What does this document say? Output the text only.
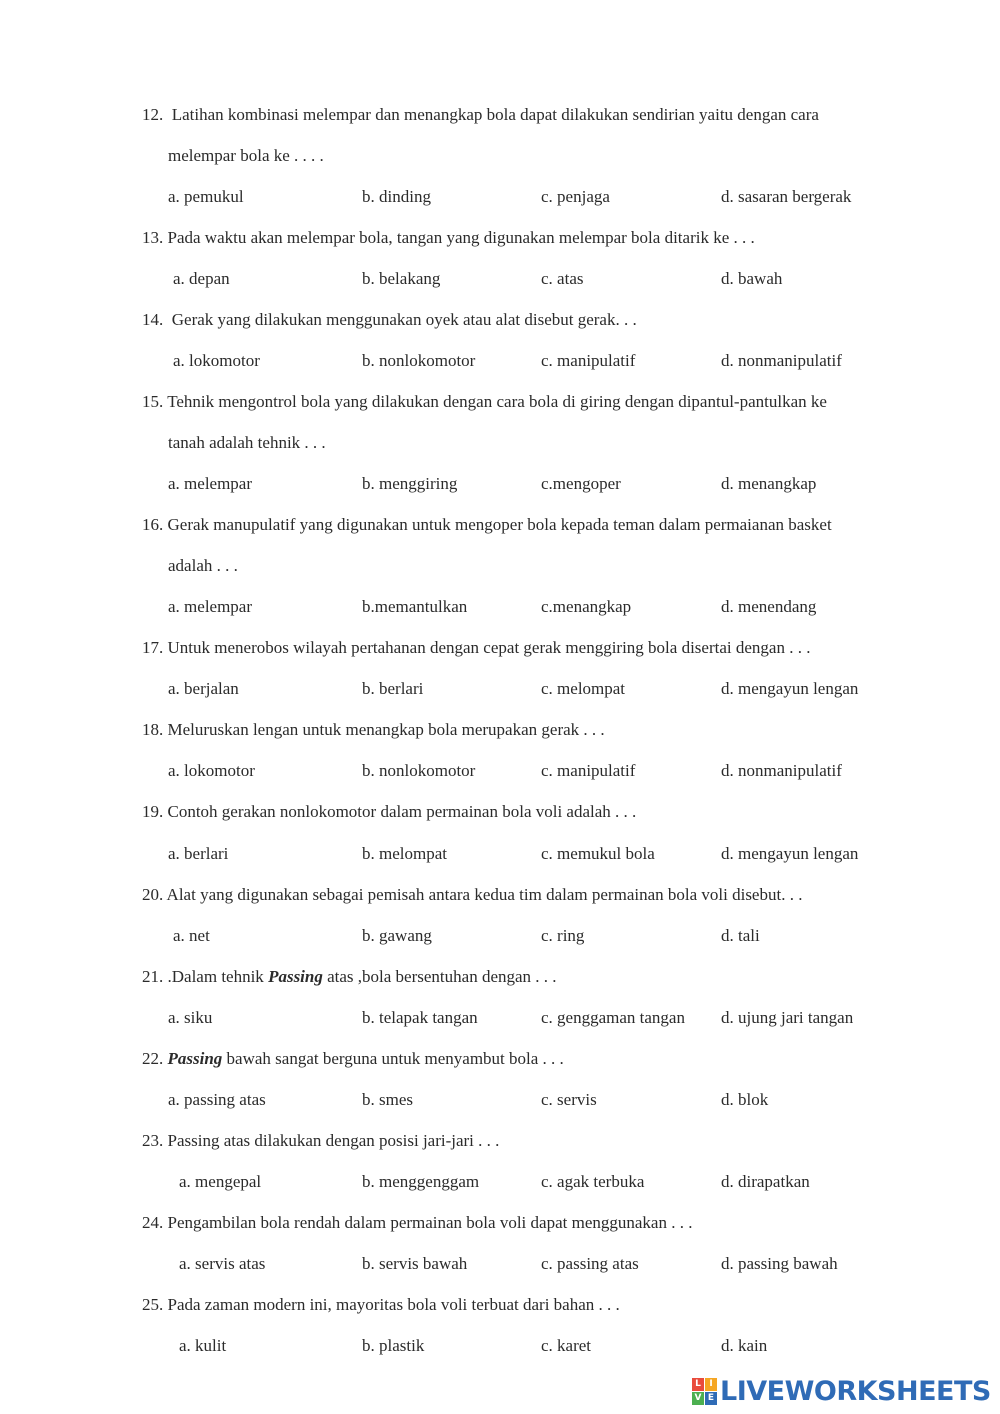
12. Latihan kombinasi melempar dan menangkap bola dapat dilakukan sendirian yaitu dengan cara
melempar bola ke . . . .
a. pemukul	b. dinding	c. penjaga	d. sasaran bergerak
13. Pada waktu akan melempar bola, tangan yang digunakan melempar bola ditarik ke . . .
a. depan	b. belakang	c. atas	d. bawah
14. Gerak yang dilakukan menggunakan oyek atau alat disebut gerak. . .
a. lokomotor	b. nonlokomotor	c. manipulatif	d. nonmanipulatif
15. Tehnik mengontrol bola yang dilakukan dengan cara bola di giring dengan dipantul-pantulkan ke
tanah adalah tehnik . . .
a. melempar	b. menggiring	c.mengoper	d. menangkap
16. Gerak manupulatif yang digunakan untuk mengoper bola kepada teman dalam permaianan basket
adalah . . .
a. melempar	b.memantulkan	c.menangkap	d. menendang
17. Untuk menerobos wilayah pertahanan dengan cepat gerak menggiring bola disertai dengan . . .
a. berjalan	b. berlari	c. melompat	d. mengayun lengan
18. Meluruskan lengan untuk menangkap bola merupakan gerak . . .
a. lokomotor	b. nonlokomotor	c. manipulatif	d. nonmanipulatif
19. Contoh gerakan nonlokomotor dalam permainan bola voli adalah . . .
a. berlari	b. melompat	c. memukul bola	d. mengayun lengan
20. Alat yang digunakan sebagai pemisah antara kedua tim dalam permainan bola voli disebut. . .
a. net	b. gawang	c. ring	d. tali
21. .Dalam tehnik Passing atas ,bola bersentuhan dengan . . .
a. siku	b. telapak tangan	c. genggaman tangan d. ujung jari tangan
22. Passing bawah sangat berguna untuk menyambut bola . . .
a. passing atas	b. smes	c. servis	d. blok
23. Passing atas dilakukan dengan posisi jari-jari . . .
a. mengepal	b. menggenggam	c. agak terbuka	d. dirapatkan
24. Pengambilan bola rendah dalam permainan bola voli dapat menggunakan . . .
a. servis atas	b. servis bawah	c. passing atas	d. passing bawah
25. Pada zaman modern ini, mayoritas bola voli terbuat dari bahan . . .
a. kulit	b. plastik	c. karet	d. kain
L I
V E LIVEWORKSHEETS
